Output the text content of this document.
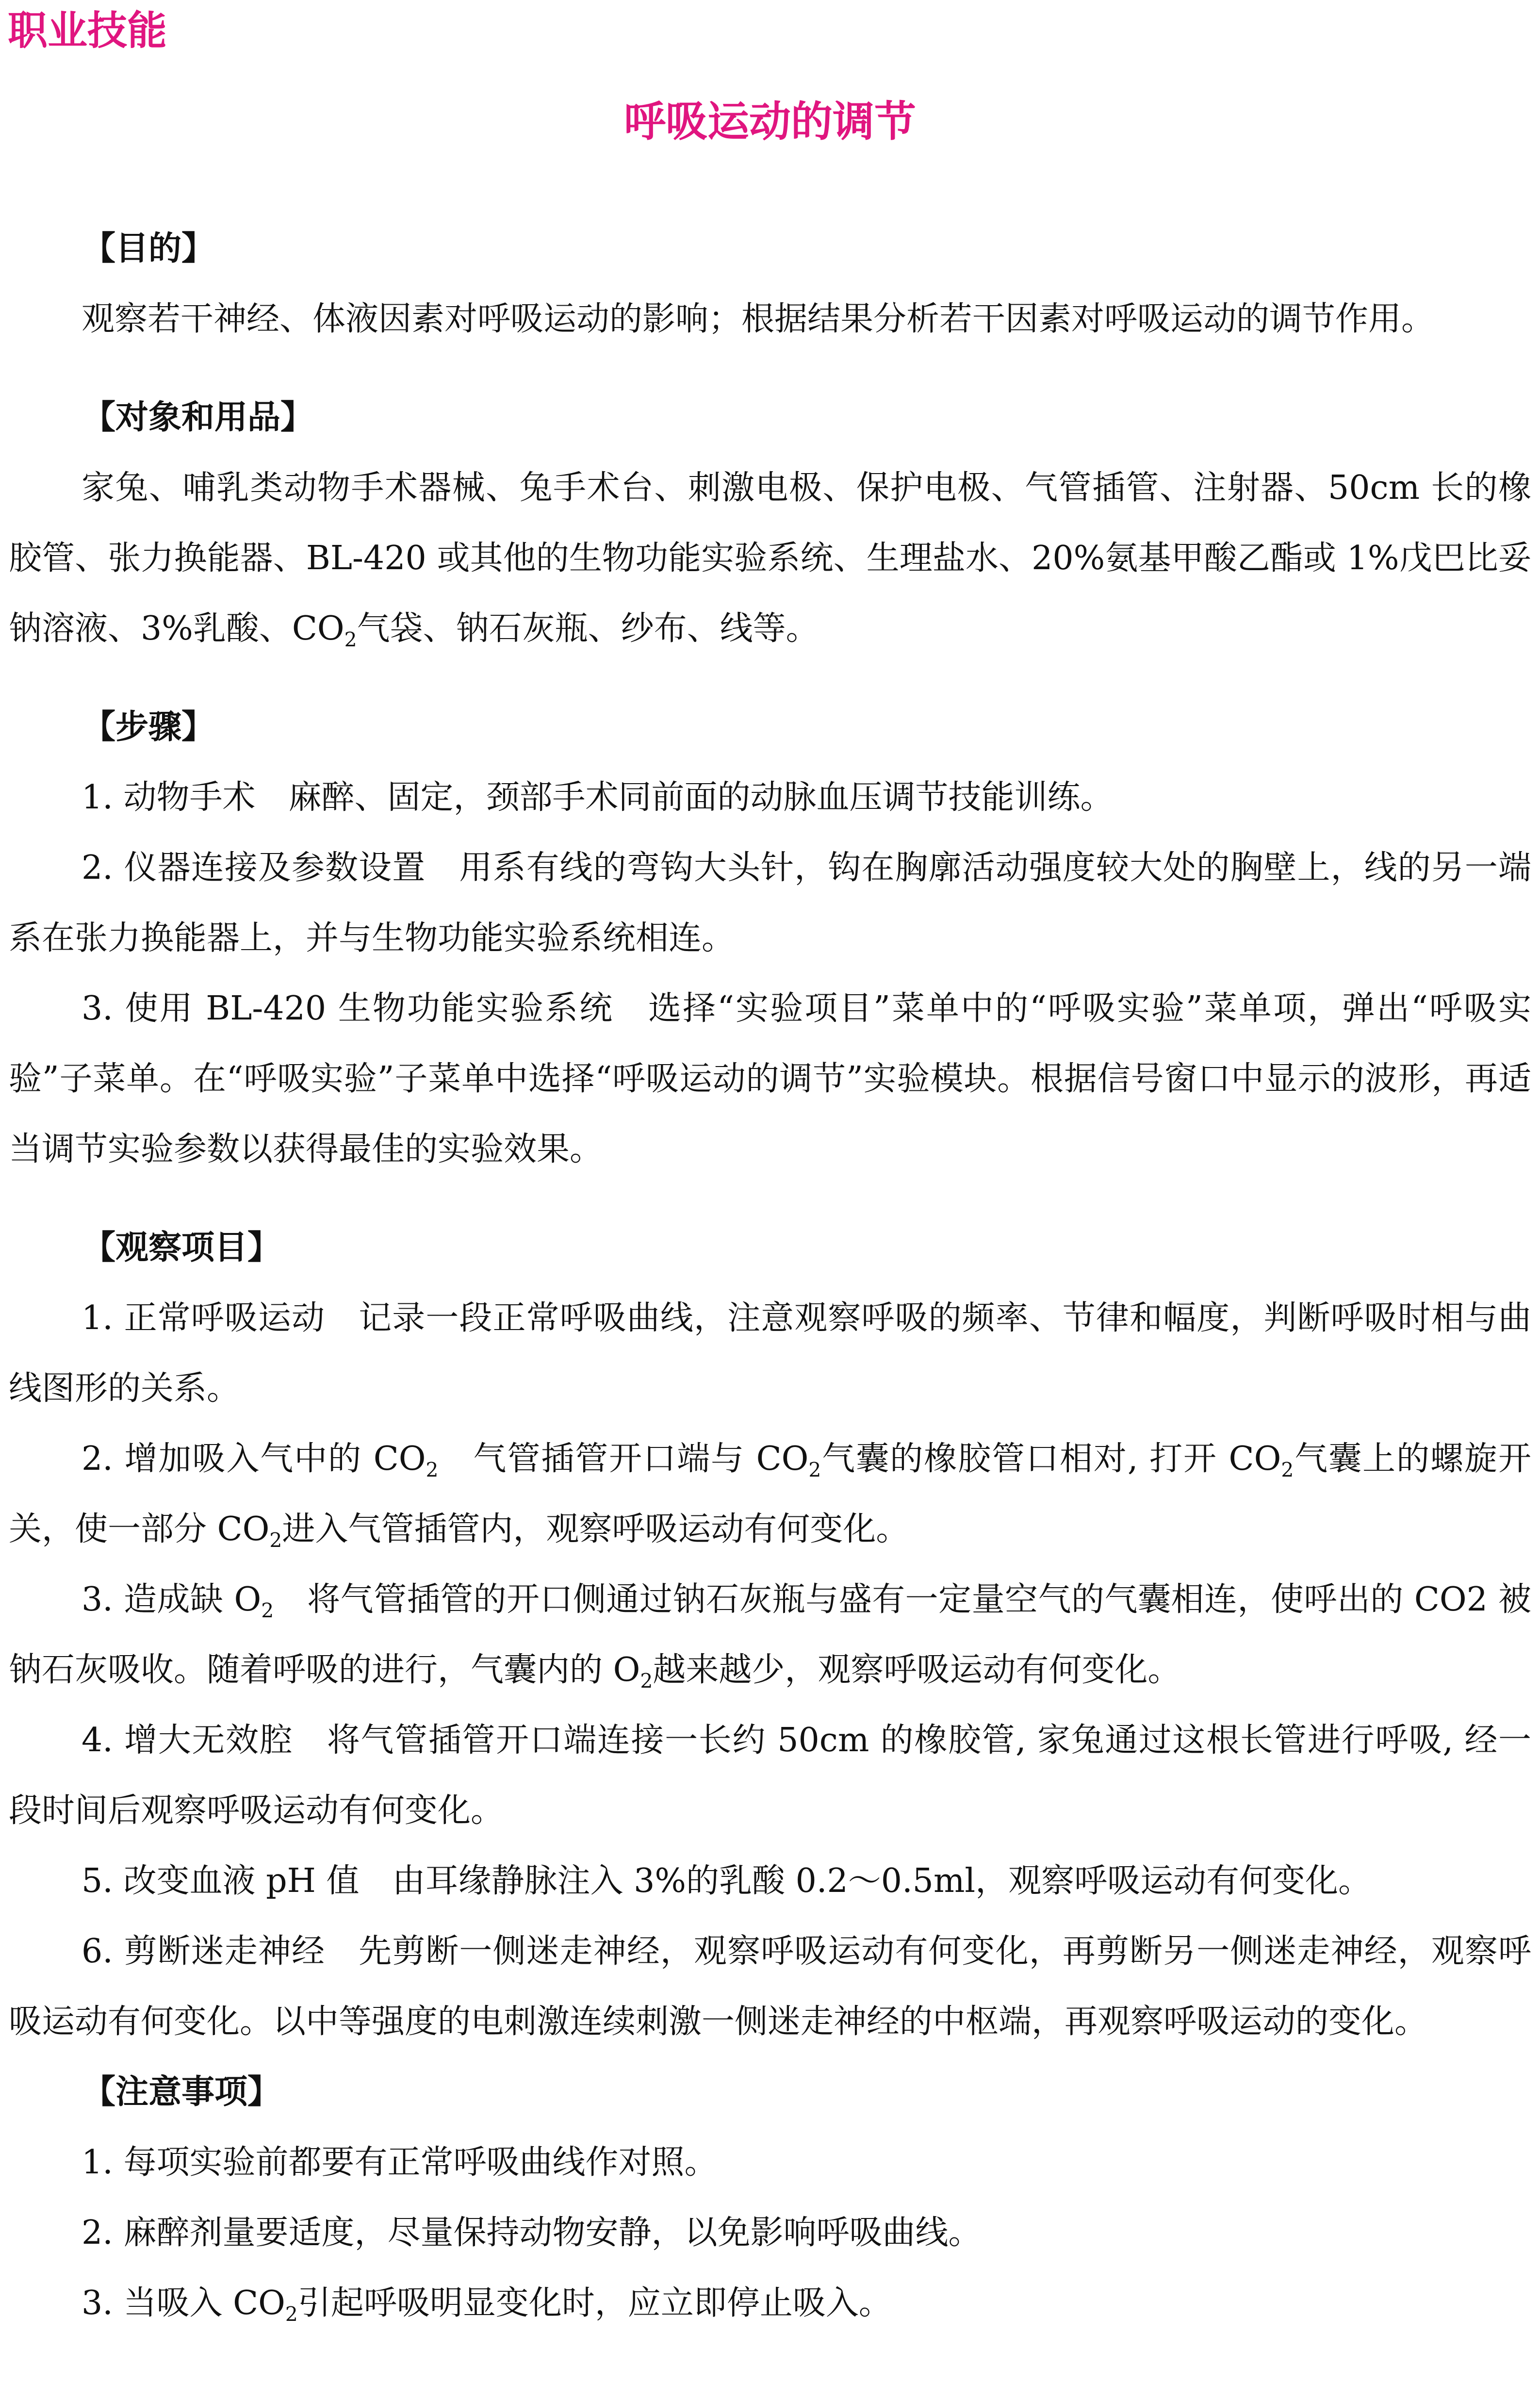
职业技能
呼吸运动的调节
【目的】

观察若干神经、体液因素对呼吸运动的影响；根据结果分析若干因素对呼吸运动的调节作用。

【对象和用品】

家兔、哺乳类动物手术器械、兔手术台、刺激电极、保护电极、气管插管、注射器、50cm 长的橡胶管、张力换能器、BL-420 或其他的生物功能实验系统、生理盐水、20%氨基甲酸乙酯或 1%戊巴比妥钠溶液、3%乳酸、$CO_2$气袋、钠石灰瓶、纱布、线等。

【步骤】

1. 动物手术　麻醉、固定，颈部手术同前面的动脉血压调节技能训练。

2. 仪器连接及参数设置　用系有线的弯钩大头针，钩在胸廓活动强度较大处的胸壁上，线的另一端系在张力换能器上，并与生物功能实验系统相连。

3. 使用 BL-420 生物功能实验系统　选择“实验项目”菜单中的“呼吸实验”菜单项，弹出“呼吸实验”子菜单。在“呼吸实验”子菜单中选择“呼吸运动的调节”实验模块。根据信号窗口中显示的波形，再适当调节实验参数以获得最佳的实验效果。

【观察项目】

1. 正常呼吸运动　记录一段正常呼吸曲线，注意观察呼吸的频率、节律和幅度，判断呼吸时相与曲线图形的关系。

2. 增加吸入气中的 $CO_2$　气管插管开口端与 $CO_2$气囊的橡胶管口相对, 打开 $CO_2$气囊上的螺旋开关，使一部分 $CO_2$进入气管插管内，观察呼吸运动有何变化。

3. 造成缺 $O_2$　将气管插管的开口侧通过钠石灰瓶与盛有一定量空气的气囊相连，使呼出的 CO2 被钠石灰吸收。随着呼吸的进行，气囊内的 $O_2$越来越少，观察呼吸运动有何变化。

4. 增大无效腔　将气管插管开口端连接一长约 50cm 的橡胶管, 家兔通过这根长管进行呼吸, 经一段时间后观察呼吸运动有何变化。

5. 改变血液 pH 值　由耳缘静脉注入 3%的乳酸 0.2～0.5ml，观察呼吸运动有何变化。

6. 剪断迷走神经　先剪断一侧迷走神经，观察呼吸运动有何变化，再剪断另一侧迷走神经，观察呼吸运动有何变化。以中等强度的电刺激连续刺激一侧迷走神经的中枢端，再观察呼吸运动的变化。

【注意事项】

1. 每项实验前都要有正常呼吸曲线作对照。

2. 麻醉剂量要适度，尽量保持动物安静，以免影响呼吸曲线。

3. 当吸入 $CO_2$引起呼吸明显变化时，应立即停止吸入。
